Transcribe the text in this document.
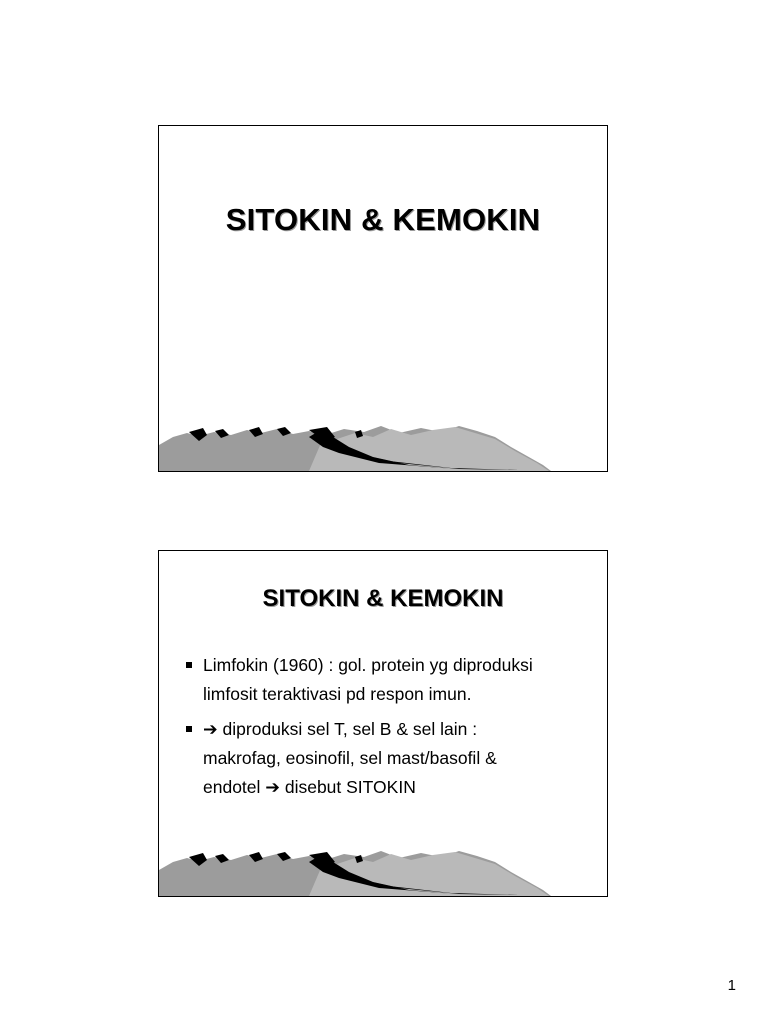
SITOKIN & KEMOKIN
SITOKIN & KEMOKIN
Limfokin (1960) : gol. protein yg diproduksi
limfosit teraktivasi pd respon imun.
➔ diproduksi sel T, sel B & sel lain :
makrofag, eosinofil, sel mast/basofil &
endotel ➔ disebut SITOKIN
1
